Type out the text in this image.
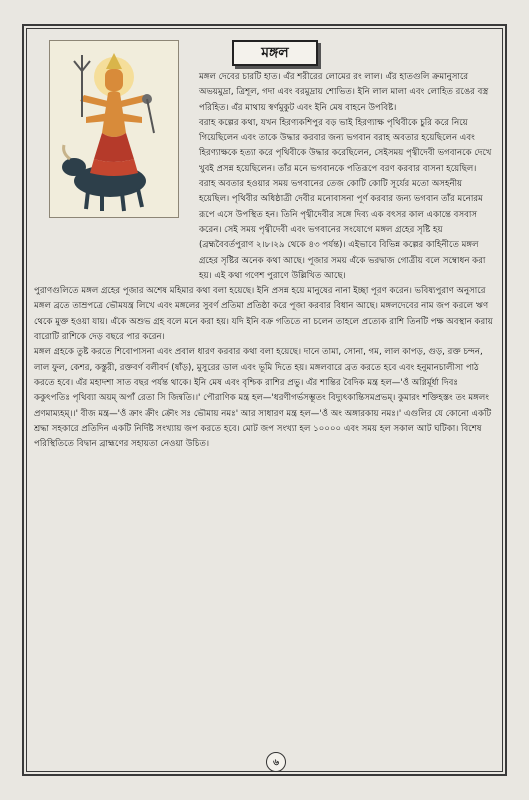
মঙ্গল

মঙ্গল দেবের চারটি হাত। এঁর শরীরের লোমের রং লাল। এঁর হাতগুলি ক্রমানুসারে অভয়মুদ্রা, ত্রিশূল, গদা এবং বরমুদ্রায় শোভিত। ইনি লাল মালা এবং লোহিত রঙের বস্ত্র পরিহিত। এঁর মাথায় স্বর্ণমুকুট এবং ইনি মেষ বাহনে উপবিষ্ট।

বরাহ কল্পের কথা, যখন হিরণ্যকশিপুর বড় ভাই হিরণ্যাক্ষ পৃথিবীকে চুরি করে নিয়ে গিয়েছিলেন এবং তাকে উদ্ধার করবার জন্য ভগবান বরাহ অবতার হয়েছিলেন এবং হিরণ্যাক্ষকে হত্যা করে পৃথিবীকে উদ্ধার করেছিলেন, সেইসময় পৃথ্বীদেবী ভগবানকে দেখে খুবই প্রসন্ন হয়েছিলেন। তাঁর মনে ভগবানকে পতিরূপে বরণ করবার বাসনা হয়েছিল। বরাহ অবতার হওয়ার সময় ভগবানের তেজ কোটি কোটি সূর্যের মতো অসহনীয় হয়েছিল। পৃথিবীর অধিষ্ঠাত্রী দেবীর মনোবাসনা পূর্ণ করবার জন্য ভগবান তাঁর মনোরম রূপে এসে উপস্থিত হন। তিনি পৃথ্বীদেবীর সঙ্গে দিব্য এক বৎসর কাল একান্তে বসবাস করেন। সেই সময় পৃথ্বীদেবী এবং ভগবানের সংযোগে মঙ্গল গ্রহের সৃষ্টি হয় (ব্রহ্মবৈবর্তপুরাণ ২।৮।২৯ থেকে ৪৩ পর্যন্ত)। এইভাবে বিভিন্ন কল্পের কাহিনীতে মঙ্গল গ্রহের সৃষ্টির অনেক কথা আছে। পূজার সময় এঁকে ভরদ্বাজ গোত্রীয় বলে সম্বোধন করা হয়। এই কথা গণেশ পুরাণে উল্লিখিত আছে।

পুরাণগুলিতে মঙ্গল গ্রহের পূজার অশেষ মহিমার কথা বলা হয়েছে। ইনি প্রসন্ন হয়ে মানুষের নানা ইচ্ছা পূরণ করেন। ভবিষ্যপুরাণ অনুসারে মঙ্গল ব্রতে তাম্রপত্রে ভৌমযন্ত্র লিখে এবং মঙ্গলের সুবর্ণ প্রতিমা প্রতিষ্ঠা করে পূজা করবার বিধান আছে। মঙ্গলদেবের নাম জপ করলে ঋণ থেকে মুক্ত হওয়া যায়। এঁকে অশুভ গ্রহ বলে মনে করা হয়। যদি ইনি বক্র গতিতে না চলেন তাহলে প্রত্যেক রাশি তিনটি পক্ষ অবস্থান করায় বারোটি রাশিকে দেড় বছরে পার করেন।

মঙ্গল গ্রহকে তুষ্ট করতে শিবোপাসনা এবং প্রবাল ধারণ করবার কথা বলা হয়েছে। দানে তামা, সোনা, গম, লাল কাপড়, গুড়, রক্ত চন্দন, লাল ফুল, কেশর, কস্তুরী, রক্তবর্ণ বলীবর্দ (ষাঁড়), মুসুরের ডাল এবং ভূমি দিতে হয়। মঙ্গলবারে ব্রত করতে হবে এবং হনুমানচালীসা পাঠ করতে হবে। এঁর মহাদশা সাত বছর পর্যন্ত থাকে। ইনি মেষ এবং বৃশ্চিক রাশির প্রভু। এঁর শান্তির বৈদিক মন্ত্র হল—'ওঁ অগ্নির্মূর্ধা দিবঃ ককুৎপতিঃ পৃথিব্যা অয়ম্ অপাঁ রেতা সি জিন্বতি।।' পৌরাণিক মন্ত্র হল—'ধরণীগর্ভসম্ভূতং বিদ্যুৎকান্তিসমপ্রভম্। কুমারং শক্তিহস্তং তং মঙ্গলং প্রণমাম্যহম্।।' বীজ মন্ত্র—'ওঁ ক্রাং ক্রীং ক্রৌং সঃ ভৌমায় নমঃ' আর সাধারণ মন্ত্র হল—'ওঁ অং অঙ্গারকায় নমঃ।' এগুলির যে কোনো একটি শ্রদ্ধা সহকারে প্রতিদিন একটি নির্দিষ্ট সংখ্যায় জপ করতে হবে। মোট জপ সংখ্যা হল ১০০০০ এবং সময় হল সকাল আট ঘটিকা। বিশেষ পরিস্থিতিতে বিদ্বান ব্রাহ্মণের সহায়তা নেওয়া উচিত।

৬
